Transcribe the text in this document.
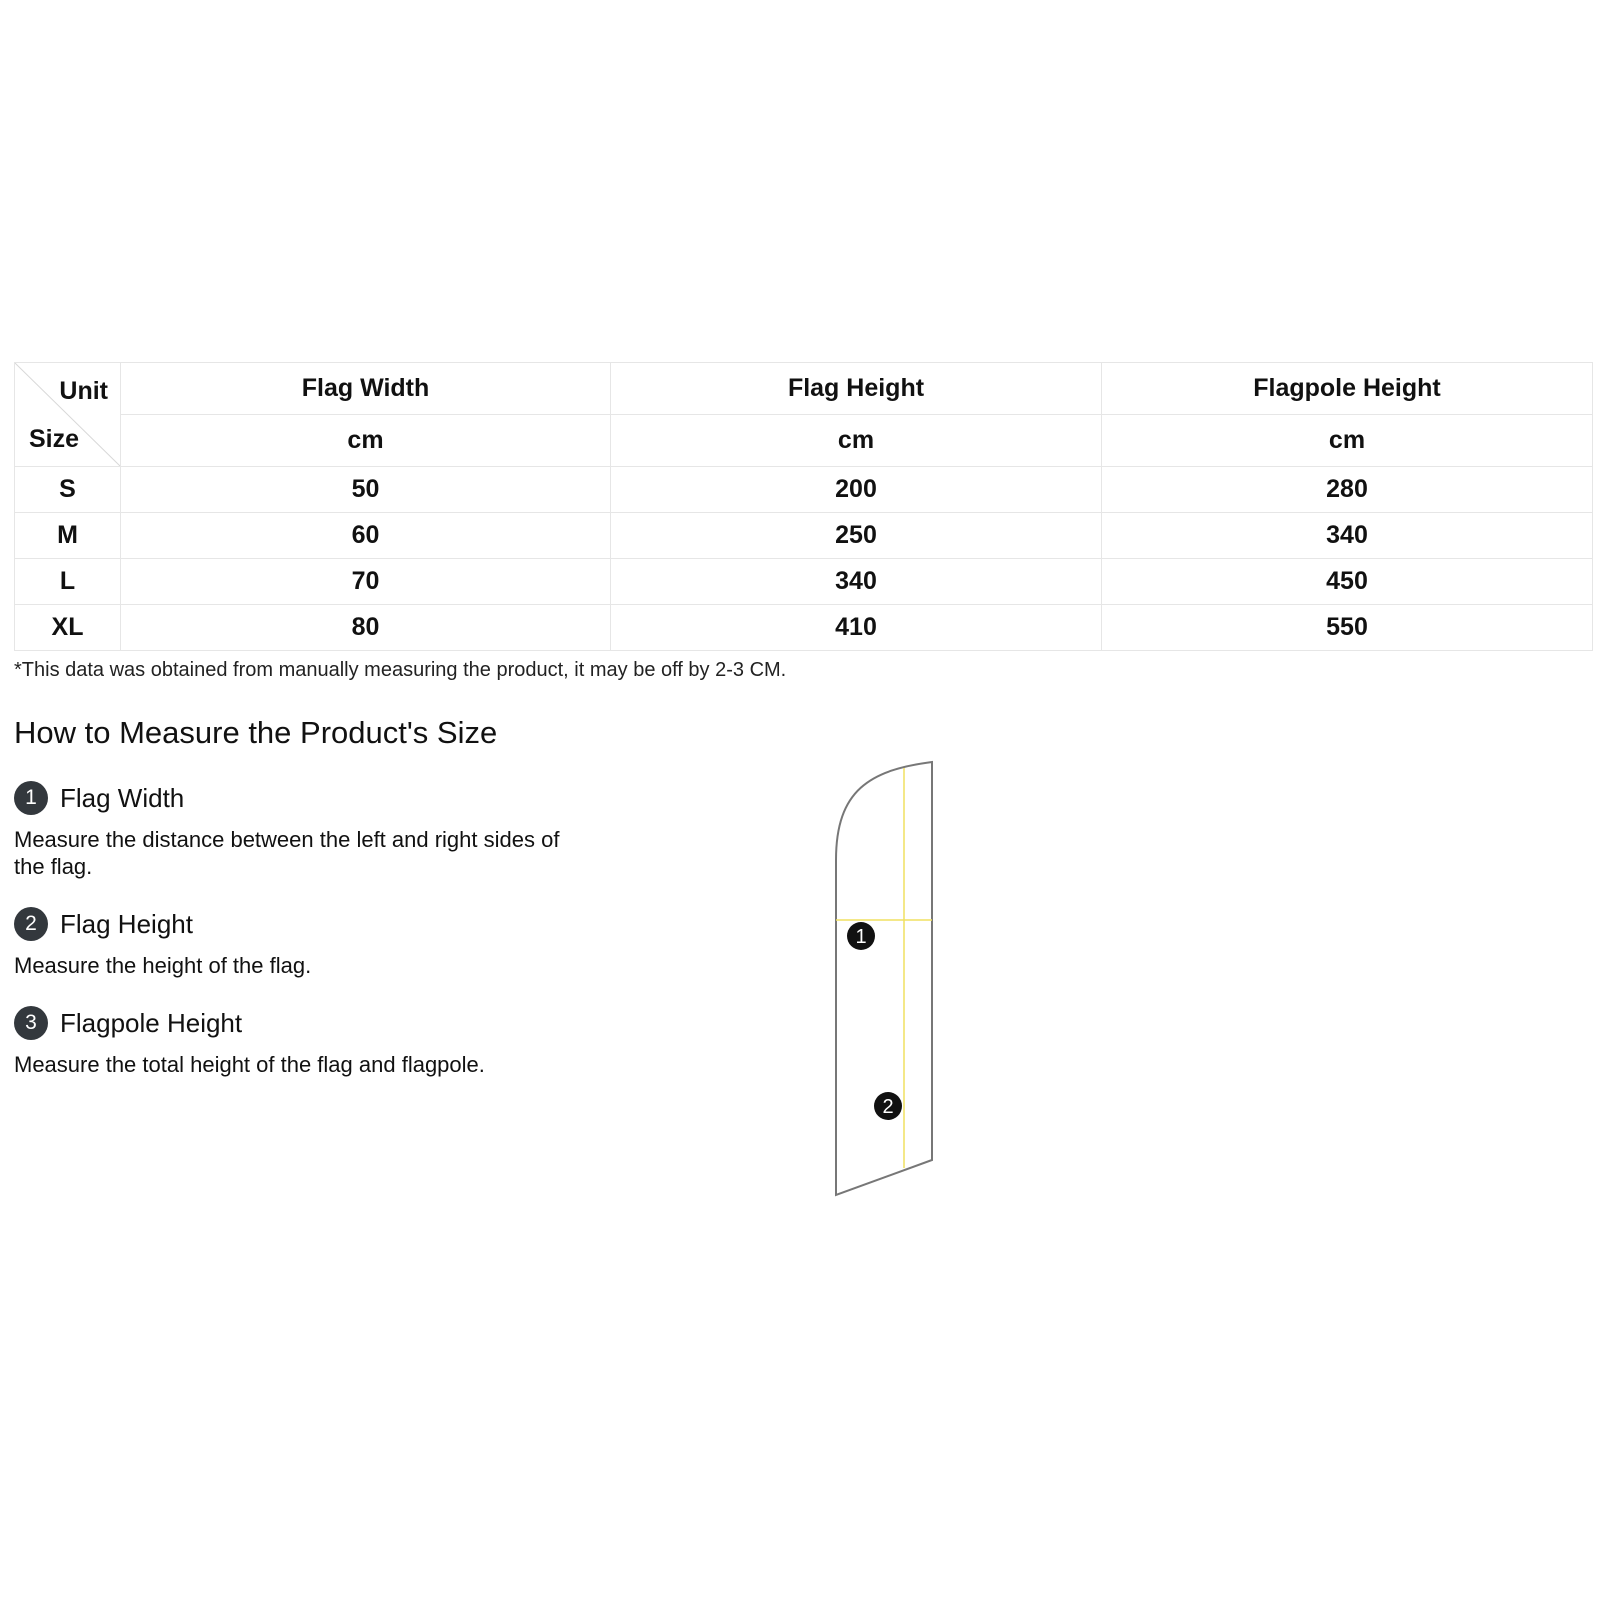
Unit
Size	Flag Width	Flag Height	Flagpole Height
	cm	cm	cm
S	50	200	280
M	60	250	340
L	70	340	450
XL	80	410	550
*This data was obtained from manually measuring the product, it may be off by 2-3 CM.
How to Measure the Product's Size
1 Flag Width
Measure the distance between the left and right sides of the flag.
2 Flag Height
Measure the height of the flag.
3 Flagpole Height
Measure the total height of the flag and flagpole.
1
2
